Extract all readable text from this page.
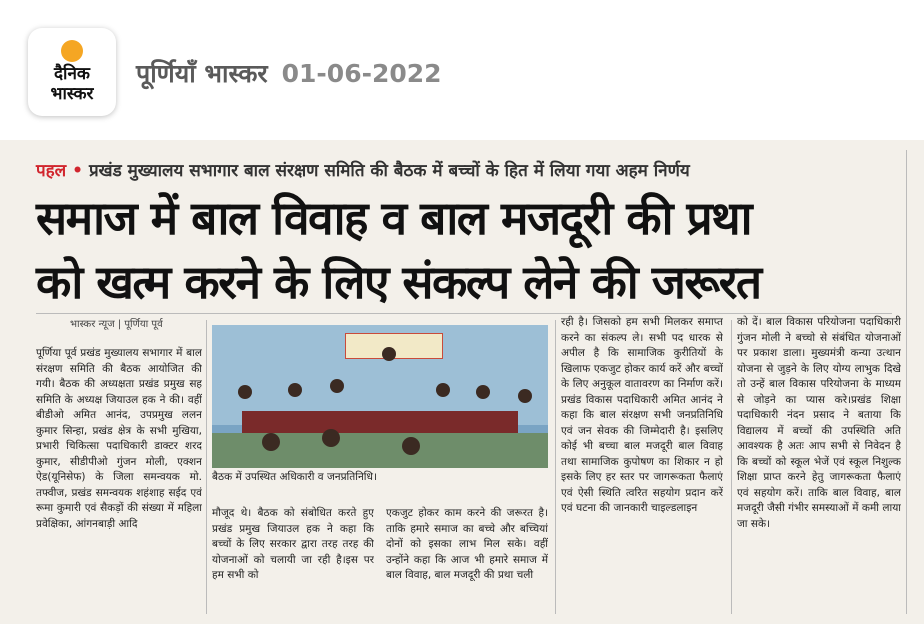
दैनिक
भास्कर
पूर्णियाँ भास्कर 01-06-2022
पहल • प्रखंड मुख्यालय सभागार बाल संरक्षण समिति की बैठक में बच्चों के हित में लिया गया अहम निर्णय
समाज में बाल विवाह व बाल मजदूरी की प्रथा
को खत्म करने के लिए संकल्प लेने की जरूरत
भास्कर न्यूज | पूर्णिया पूर्व
पूर्णिया पूर्व प्रखंड मुख्यालय सभागार में बाल संरक्षण समिति की बैठक आयोजित की गयी। बैठक की अध्यक्षता प्रखंड प्रमुख सह समिति के अध्यक्ष जियाउल हक ने की। वहीं बीडीओ अमित आनंद, उपप्रमुख ललन कुमार सिन्हा, प्रखंड क्षेत्र के सभी मुखिया, प्रभारी चिकित्सा पदाधिकारी डाक्टर शरद कुमार, सीडीपीओ गुंजन मोली, एक्शन ऐड(यूनिसेफ) के जिला समन्वयक मो. तफ्वीज, प्रखंड समन्वयक शहंशाह सईद एवं रूमा कुमारी एवं सैकड़ों की संख्या में महिला प्रवेक्षिका, आंगनबाड़ी आदि
बैठक में उपस्थित अधिकारी व जनप्रतिनिधि।
मौजूद थे। बैठक को संबोधित करते हुए प्रखंड प्रमुख जियाउल हक ने कहा कि बच्चों के लिए सरकार द्वारा तरह तरह की योजनाओं को चलायी जा रही है।इस पर हम सभी को
एकजुट होकर काम करने की जरूरत है। ताकि हमारे समाज का बच्चे और बच्चियां दोनों को इसका लाभ मिल सके। वहीं उन्होंने कहा कि आज भी हमारे समाज में बाल विवाह, बाल मजदूरी की प्रथा चली
रही है। जिसको हम सभी मिलकर समाप्त करने का संकल्प ले। सभी पद धारक से अपील है कि सामाजिक कुरीतियों के खिलाफ एकजुट होकर कार्य करें और बच्चों के लिए अनुकूल वातावरण का निर्माण करें। प्रखंड विकास पदाधिकारी अमित आनंद ने कहा कि बाल संरक्षण सभी जनप्रतिनिधि एवं जन सेवक की जिम्मेदारी है। इसलिए कोई भी बच्चा बाल मजदूरी बाल विवाह तथा सामाजिक कुपोषण का शिकार न हो इसके लिए हर स्तर पर जागरूकता फैलाएं एवं ऐसी स्थिति त्वरित सहयोग प्रदान करें एवं घटना की जानकारी चाइल्डलाइन
को दें। बाल विकास परियोजना पदाधिकारी गुंजन मोली ने बच्चो से संबंधित योजनाओं पर प्रकाश डाला। मुख्यमंत्री कन्या उत्थान योजना से जुड़ने के लिए योग्य लाभुक दिखे तो उन्हें बाल विकास परियोजना के माध्यम से जोड़ने का प्यास करे।प्रखंड शिक्षा पदाधिकारी नंदन प्रसाद ने बताया कि विद्यालय में बच्चों की उपस्थिति अति आवश्यक है अतः आप सभी से निवेदन है कि बच्चों को स्कूल भेजें एवं स्कूल निशुल्क शिक्षा प्राप्त करने हेतु जागरूकता फैलाएं एवं सहयोग करें। ताकि बाल विवाह, बाल मजदूरी जैसी गंभीर समस्याओं में कमी लाया जा सके।
